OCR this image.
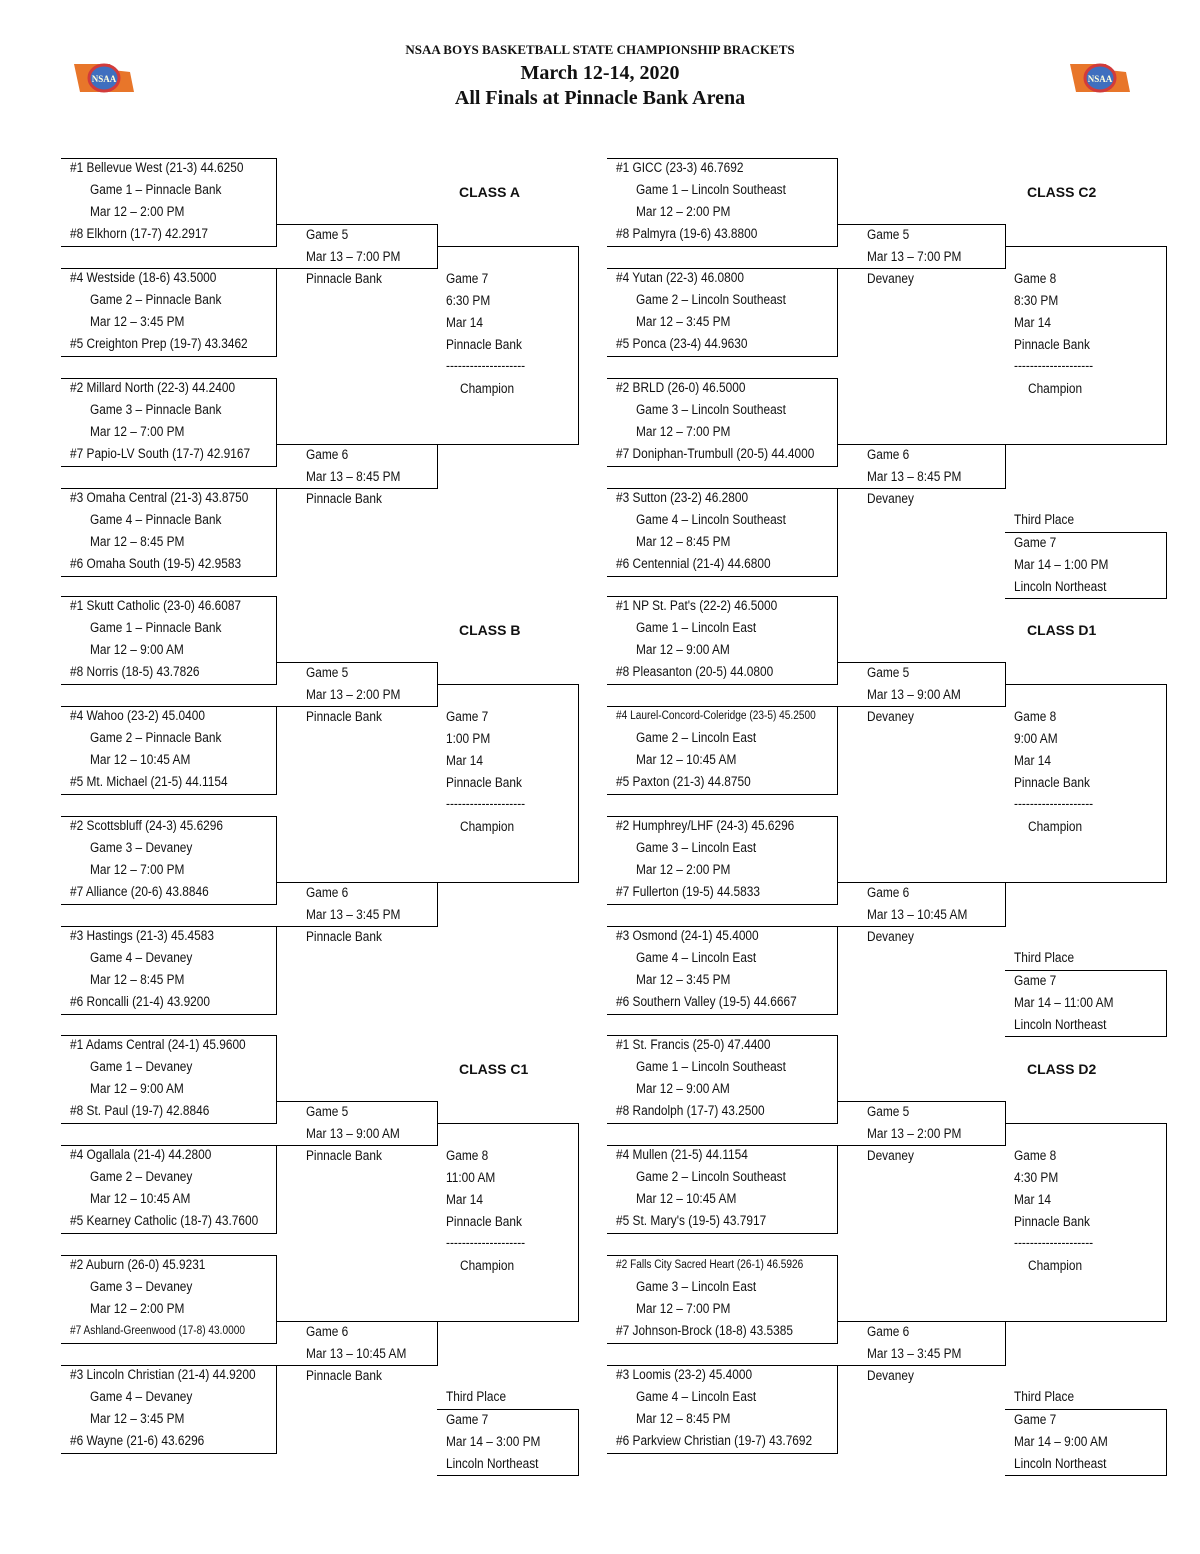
NSAA BOYS BASKETBALL STATE CHAMPIONSHIP BRACKETS
March 12-14, 2020
All Finals at Pinnacle Bank Arena
NSAA	NSAA
#1 Bellevue West (21-3) 44.6250
Game 1 – Pinnacle Bank
Mar 12 – 2:00 PM
#8 Elkhorn (17-7) 42.2917
#4 Westside (18-6) 43.5000
Game 2 – Pinnacle Bank
Mar 12 – 3:45 PM
#5 Creighton Prep (19-7) 43.3462
#2 Millard North (22-3) 44.2400
Game 3 – Pinnacle Bank
Mar 12 – 7:00 PM
#7 Papio-LV South (17-7) 42.9167
#3 Omaha Central (21-3) 43.8750
Game 4 – Pinnacle Bank
Mar 12 – 8:45 PM
#6 Omaha South (19-5) 42.9583
Game 5
Mar 13 – 7:00 PM
Pinnacle Bank
Game 6
Mar 13 – 8:45 PM
Pinnacle Bank
Game 7
6:30 PM
Mar 14
Pinnacle Bank
--------------------
Champion
CLASS A
#1 Skutt Catholic (23-0) 46.6087
Game 1 – Pinnacle Bank
Mar 12 – 9:00 AM
#8 Norris (18-5) 43.7826
#4 Wahoo (23-2) 45.0400
Game 2 – Pinnacle Bank
Mar 12 – 10:45 AM
#5 Mt. Michael (21-5) 44.1154
#2 Scottsbluff (24-3) 45.6296
Game 3 – Devaney
Mar 12 – 7:00 PM
#7 Alliance (20-6) 43.8846
#3 Hastings (21-3) 45.4583
Game 4 – Devaney
Mar 12 – 8:45 PM
#6 Roncalli (21-4) 43.9200
Game 5
Mar 13 – 2:00 PM
Pinnacle Bank
Game 6
Mar 13 – 3:45 PM
Pinnacle Bank
Game 7
1:00 PM
Mar 14
Pinnacle Bank
--------------------
Champion
CLASS B
#1 Adams Central (24-1) 45.9600
Game 1 – Devaney
Mar 12 – 9:00 AM
#8 St. Paul (19-7) 42.8846
#4 Ogallala (21-4) 44.2800
Game 2 – Devaney
Mar 12 – 10:45 AM
#5 Kearney Catholic (18-7) 43.7600
#2 Auburn (26-0) 45.9231
Game 3 – Devaney
Mar 12 – 2:00 PM
#7 Ashland-Greenwood (17-8) 43.0000
#3 Lincoln Christian (21-4) 44.9200
Game 4 – Devaney
Mar 12 – 3:45 PM
#6 Wayne (21-6) 43.6296
Game 5
Mar 13 – 9:00 AM
Pinnacle Bank
Game 6
Mar 13 – 10:45 AM
Pinnacle Bank
Game 8
11:00 AM
Mar 14
Pinnacle Bank
--------------------
Champion
CLASS C1
Third Place
Game 7
Mar 14 – 3:00 PM
Lincoln Northeast
#1 GICC (23-3) 46.7692
Game 1 – Lincoln Southeast
Mar 12 – 2:00 PM
#8 Palmyra (19-6) 43.8800
#4 Yutan (22-3) 46.0800
Game 2 – Lincoln Southeast
Mar 12 – 3:45 PM
#5 Ponca (23-4) 44.9630
#2 BRLD (26-0) 46.5000
Game 3 – Lincoln Southeast
Mar 12 – 7:00 PM
#7 Doniphan-Trumbull (20-5) 44.4000
#3 Sutton (23-2) 46.2800
Game 4 – Lincoln Southeast
Mar 12 – 8:45 PM
#6 Centennial (21-4) 44.6800
Game 5
Mar 13 – 7:00 PM
Devaney
Game 6
Mar 13 – 8:45 PM
Devaney
Game 8
8:30 PM
Mar 14
Pinnacle Bank
--------------------
Champion
CLASS C2
Third Place
Game 7
Mar 14 – 1:00 PM
Lincoln Northeast
#1 NP St. Pat's (22-2) 46.5000
Game 1 – Lincoln East
Mar 12 – 9:00 AM
#8 Pleasanton (20-5) 44.0800
#4 Laurel-Concord-Coleridge (23-5) 45.2500
Game 2 – Lincoln East
Mar 12 – 10:45 AM
#5 Paxton (21-3) 44.8750
#2 Humphrey/LHF (24-3) 45.6296
Game 3 – Lincoln East
Mar 12 – 2:00 PM
#7 Fullerton (19-5) 44.5833
#3 Osmond (24-1) 45.4000
Game 4 – Lincoln East
Mar 12 – 3:45 PM
#6 Southern Valley (19-5) 44.6667
Game 5
Mar 13 – 9:00 AM
Devaney
Game 6
Mar 13 – 10:45 AM
Devaney
Game 8
9:00 AM
Mar 14
Pinnacle Bank
--------------------
Champion
CLASS D1
Third Place
Game 7
Mar 14 – 11:00 AM
Lincoln Northeast
#1 St. Francis (25-0) 47.4400
Game 1 – Lincoln Southeast
Mar 12 – 9:00 AM
#8 Randolph (17-7) 43.2500
#4 Mullen (21-5) 44.1154
Game 2 – Lincoln Southeast
Mar 12 – 10:45 AM
#5 St. Mary's (19-5) 43.7917
#2 Falls City Sacred Heart (26-1) 46.5926
Game 3 – Lincoln East
Mar 12 – 7:00 PM
#7 Johnson-Brock (18-8) 43.5385
#3 Loomis (23-2) 45.4000
Game 4 – Lincoln East
Mar 12 – 8:45 PM
#6 Parkview Christian (19-7) 43.7692
Game 5
Mar 13 – 2:00 PM
Devaney
Game 6
Mar 13 – 3:45 PM
Devaney
Game 8
4:30 PM
Mar 14
Pinnacle Bank
--------------------
Champion
CLASS D2
Third Place
Game 7
Mar 14 – 9:00 AM
Lincoln Northeast
